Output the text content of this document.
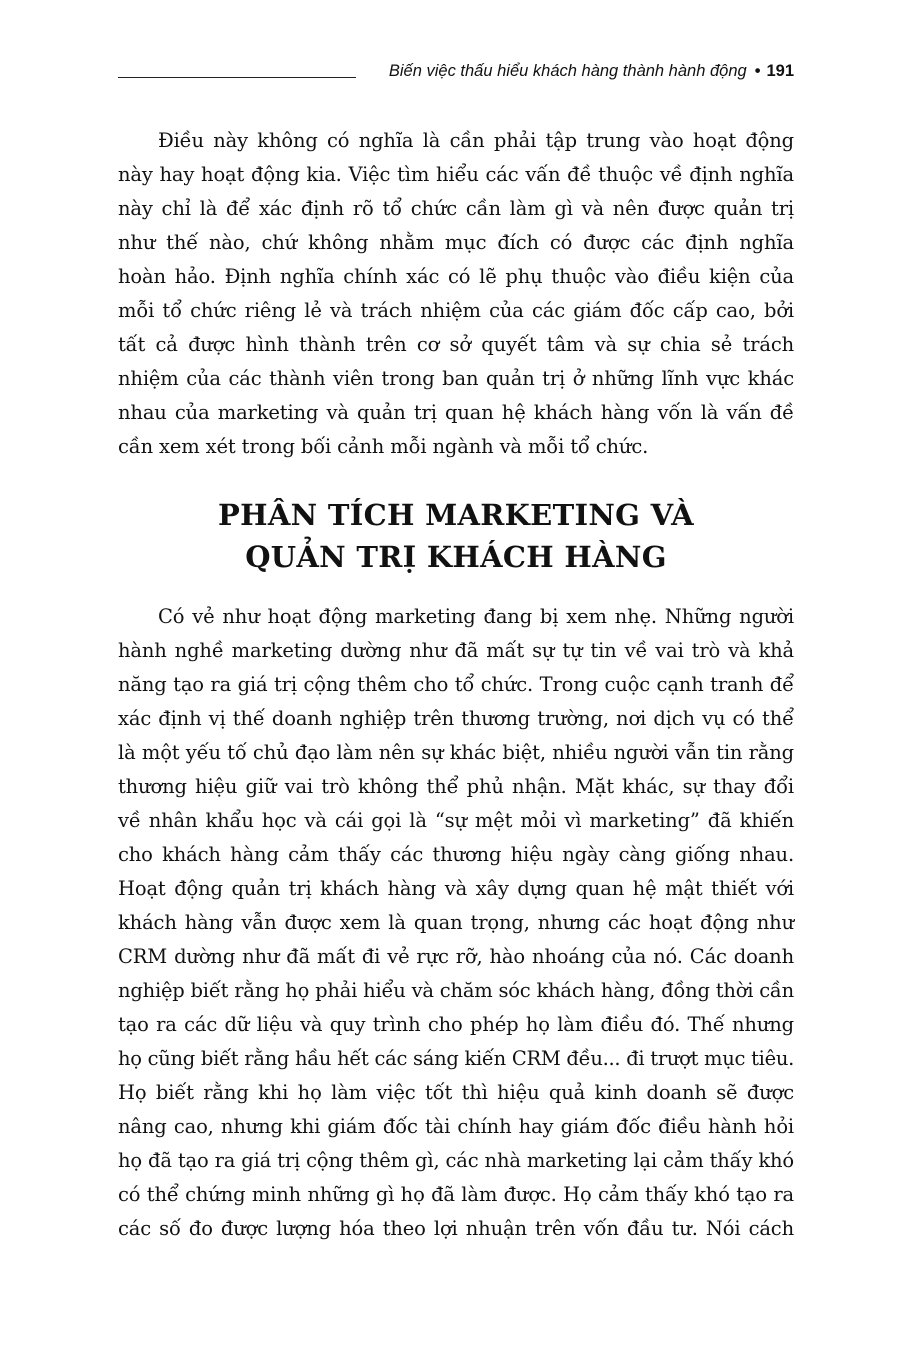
Biến việc thấu hiểu khách hàng thành hành động • 191
Điều này không có nghĩa là cần phải tập trung vào hoạt động
này hay hoạt động kia. Việc tìm hiểu các vấn đề thuộc về định nghĩa
này chỉ là để xác định rõ tổ chức cần làm gì và nên được quản trị
như thế nào, chứ không nhằm mục đích có được các định nghĩa
hoàn hảo. Định nghĩa chính xác có lẽ phụ thuộc vào điều kiện của
mỗi tổ chức riêng lẻ và trách nhiệm của các giám đốc cấp cao, bởi
tất cả được hình thành trên cơ sở quyết tâm và sự chia sẻ trách
nhiệm của các thành viên trong ban quản trị ở những lĩnh vực khác
nhau của marketing và quản trị quan hệ khách hàng vốn là vấn đề
cần xem xét trong bối cảnh mỗi ngành và mỗi tổ chức.
PHÂN TÍCH MARKETING VÀ
QUẢN TRỊ KHÁCH HÀNG
Có vẻ như hoạt động marketing đang bị xem nhẹ. Những người
hành nghề marketing dường như đã mất sự tự tin về vai trò và khả
năng tạo ra giá trị cộng thêm cho tổ chức. Trong cuộc cạnh tranh để
xác định vị thế doanh nghiệp trên thương trường, nơi dịch vụ có thể
là một yếu tố chủ đạo làm nên sự khác biệt, nhiều người vẫn tin rằng
thương hiệu giữ vai trò không thể phủ nhận. Mặt khác, sự thay đổi
về nhân khẩu học và cái gọi là “sự mệt mỏi vì marketing” đã khiến
cho khách hàng cảm thấy các thương hiệu ngày càng giống nhau.
Hoạt động quản trị khách hàng và xây dựng quan hệ mật thiết với
khách hàng vẫn được xem là quan trọng, nhưng các hoạt động như
CRM dường như đã mất đi vẻ rực rỡ, hào nhoáng của nó. Các doanh
nghiệp biết rằng họ phải hiểu và chăm sóc khách hàng, đồng thời cần
tạo ra các dữ liệu và quy trình cho phép họ làm điều đó. Thế nhưng
họ cũng biết rằng hầu hết các sáng kiến CRM đều... đi trượt mục tiêu.
Họ biết rằng khi họ làm việc tốt thì hiệu quả kinh doanh sẽ được
nâng cao, nhưng khi giám đốc tài chính hay giám đốc điều hành hỏi
họ đã tạo ra giá trị cộng thêm gì, các nhà marketing lại cảm thấy khó
có thể chứng minh những gì họ đã làm được. Họ cảm thấy khó tạo ra
các số đo được lượng hóa theo lợi nhuận trên vốn đầu tư. Nói cách
